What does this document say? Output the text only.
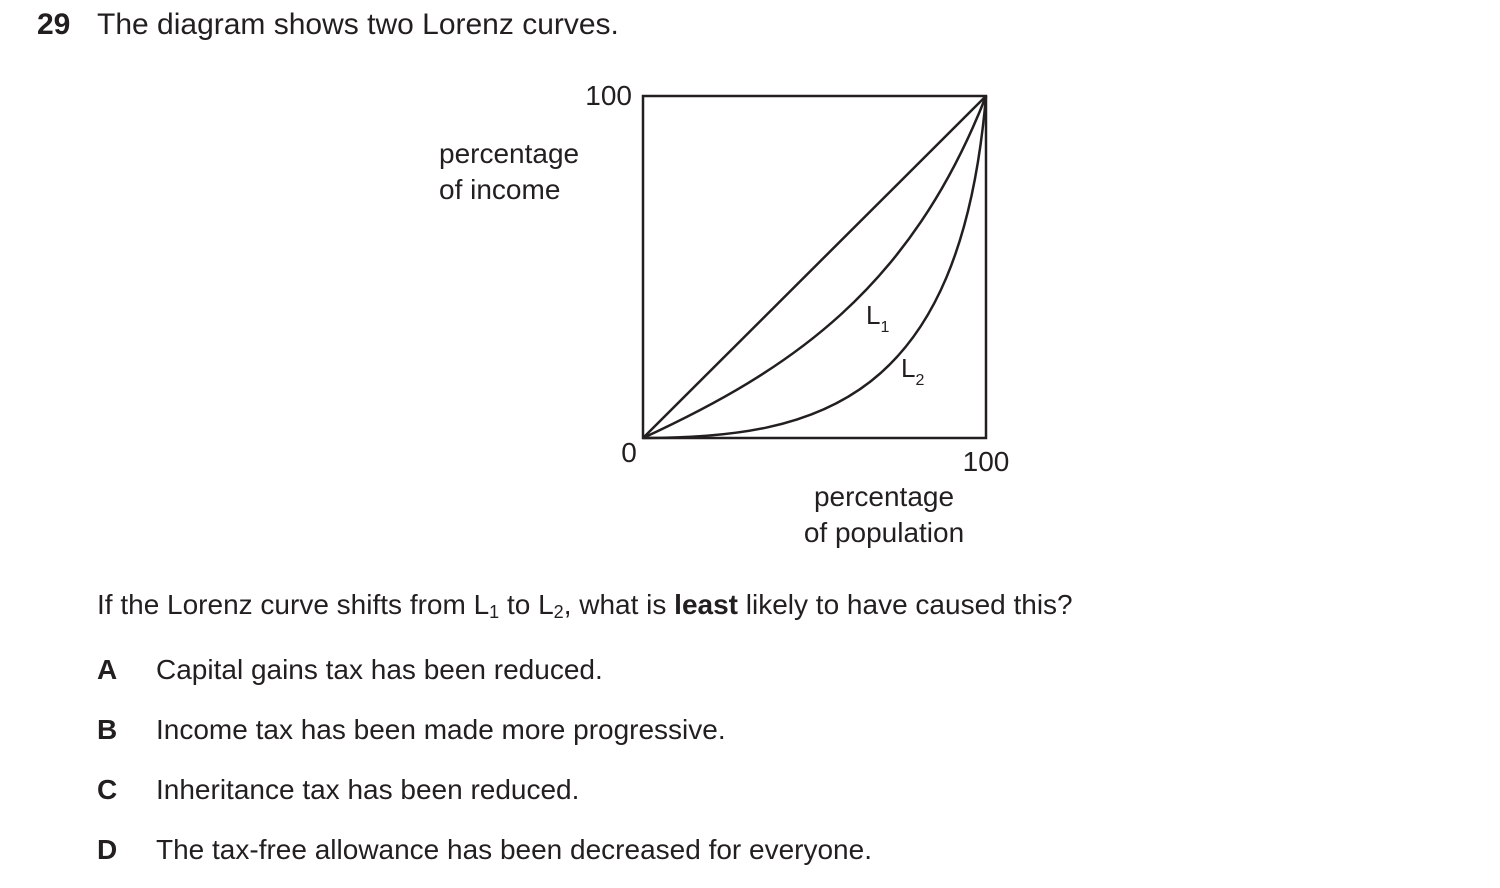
29 The diagram shows two Lorenz curves.
100
percentage
of income
0	100
percentage
of population
$L_1$
$L_2$
If the Lorenz curve shifts from $L_1$ to $L_2$, what is least likely to have caused this?
A Capital gains tax has been reduced.
B Income tax has been made more progressive.
C Inheritance tax has been reduced.
D The tax-free allowance has been decreased for everyone.
